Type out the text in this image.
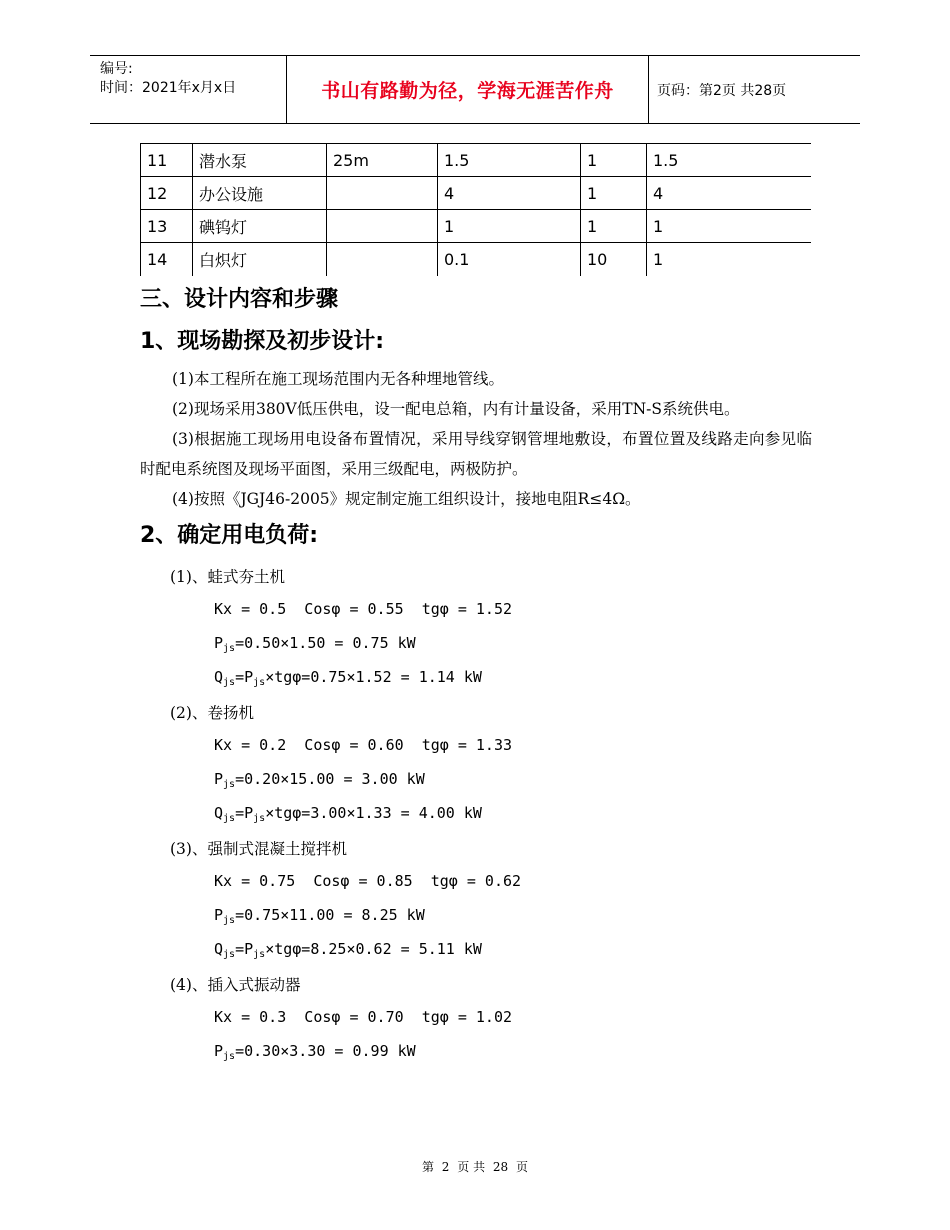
编号:
时间：2021年x月x日	书山有路勤为径，学海无涯苦作舟	页码：第2页 共28页
11	潜水泵	25m	1.5	1	1.5
12	办公设施		4	1	4
13	碘钨灯		1	1	1
14	白炽灯		0.1	10	1
三、设计内容和步骤
1、现场勘探及初步设计:

(1)本工程所在施工现场范围内无各种埋地管线。

(2)现场采用380V低压供电，设一配电总箱，内有计量设备，采用TN-S系统供电。

(3)根据施工现场用电设备布置情况，采用导线穿钢管埋地敷设，布置位置及线路走向参见临时配电系统图及现场平面图，采用三级配电，两极防护。

(4)按照《JGJ46-2005》规定制定施工组织设计，接地电阻R≤4Ω。

2、确定用电负荷:
(1)、蛙式夯土机
Kx = 0.5  Cosφ = 0.55  tgφ = 1.52
$P_{js}=0.50\times 1.50 = 0.75$ kW
$Q_{js}=P_{js}\times tg\varphi=0.75\times 1.52 = 1.14$ kW
(2)、卷扬机
Kx = 0.2  Cosφ = 0.60  tgφ = 1.33
$P_{js}=0.20\times 15.00 = 3.00$ kW
$Q_{js}=P_{js}\times tg\varphi=3.00\times 1.33 = 4.00$ kW
(3)、强制式混凝土搅拌机
Kx = 0.75  Cosφ = 0.85  tgφ = 0.62
$P_{js}=0.75\times 11.00 = 8.25$ kW
$Q_{js}=P_{js}\times tg\varphi=8.25\times 0.62 = 5.11$ kW
(4)、插入式振动器
Kx = 0.3  Cosφ = 0.70  tgφ = 1.02
$P_{js}=0.30\times 3.30 = 0.99$ kW
第 2 页 共 28 页
